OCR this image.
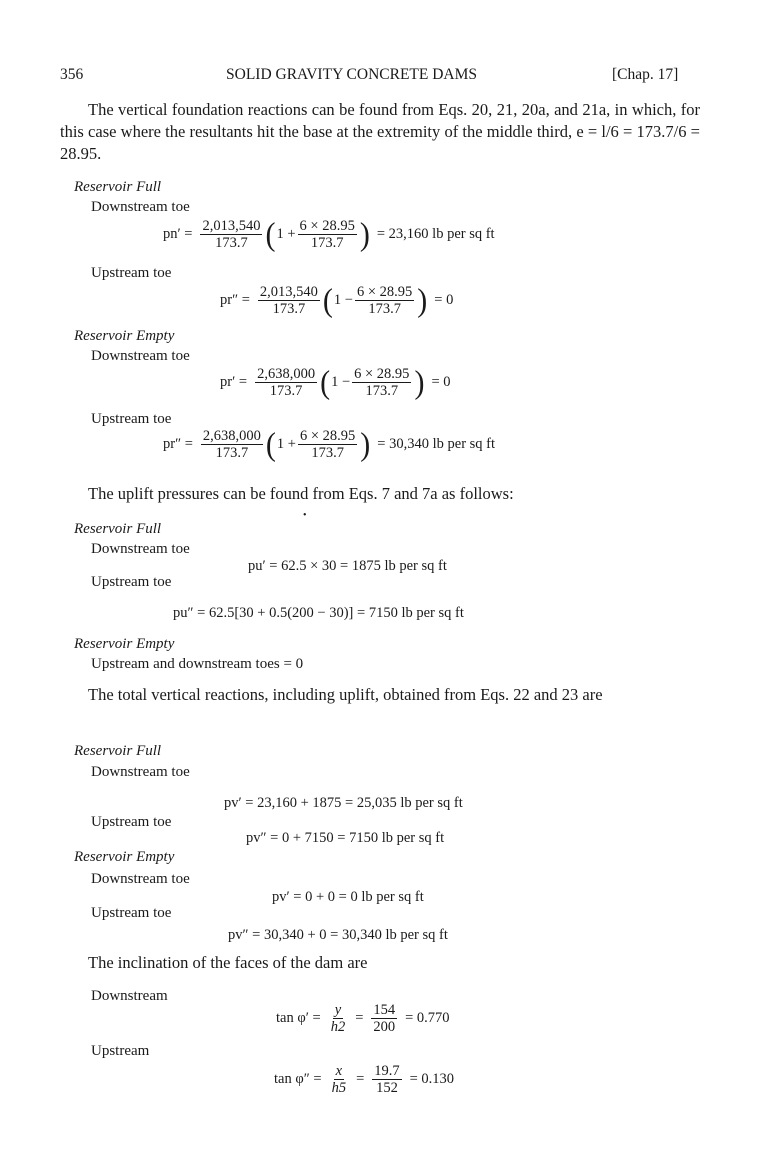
356	SOLID GRAVITY CONCRETE DAMS	[Chap. 17]
The vertical foundation reactions can be found from Eqs. 20, 21, 20a, and 21a, in which, for this case where the resultants hit the base at the extremity of the middle third, e = l/6 = 173.7/6 = 28.95.
Reservoir Full
Downstream toe
$pn' = \frac{2,013,540}{173.7}$ ( $1 + \frac{6 \times 28.95}{173.7}$ ) = 23,160 lb per sq ft
Upstream toe
$pr'' = \frac{2,013,540}{173.7}$ ( $1 - \frac{6 \times 28.95}{173.7}$ ) = 0
Reservoir Empty
Downstream toe
$pr' = \frac{2,638,000}{173.7}$ ( $1 - \frac{6 \times 28.95}{173.7}$ ) = 0
Upstream toe
$pr'' = \frac{2,638,000}{173.7}$ ( $1 + \frac{6 \times 28.95}{173.7}$ ) = 30,340 lb per sq ft
The uplift pressures can be found from Eqs. 7 and 7a as follows:
•
Reservoir Full
Downstream toe
pu′ = 62.5 × 30 = 1875 lb per sq ft
Upstream toe
pu″ = 62.5[30 + 0.5(200 − 30)] = 7150 lb per sq ft
Reservoir Empty
Upstream and downstream toes = 0
The total vertical reactions, including uplift, obtained from Eqs. 22 and 23 are
Reservoir Full
Downstream toe
pv′ = 23,160 + 1875 = 25,035 lb per sq ft
Upstream toe
pv″ = 0 + 7150 = 7150 lb per sq ft
Reservoir Empty
Downstream toe
pv′ = 0 + 0 = 0 lb per sq ft
Upstream toe
pv″ = 30,340 + 0 = 30,340 lb per sq ft
The inclination of the faces of the dam are
Downstream
$\tan \varphi' = \frac{y}{h2} = \frac{154}{200} = 0.770$
Upstream
$\tan \varphi'' = \frac{x}{h5} = \frac{19.7}{152} = 0.130$
